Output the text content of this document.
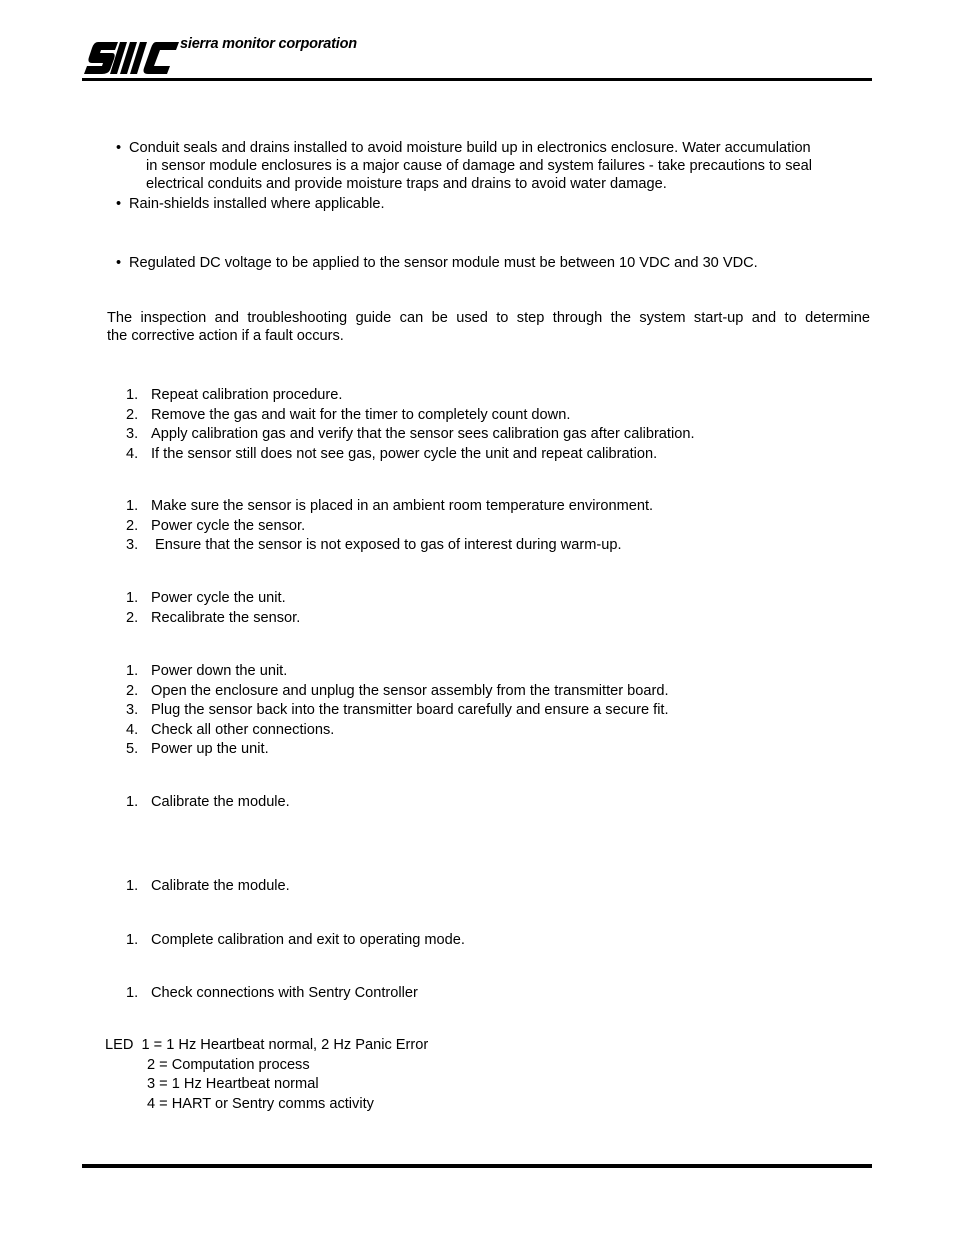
sierra monitor corporation
• Conduit seals and drains installed to avoid moisture build up in electronics enclosure. Water accumulation
in sensor module enclosures is a major cause of damage and system failures - take precautions to seal
electrical conduits and provide moisture traps and drains to avoid water damage.
• Rain-shields installed where applicable.
• Regulated DC voltage to be applied to the sensor module must be between 10 VDC and 30 VDC.
The inspection and troubleshooting guide can be used to step through the system start-up and to determine
the corrective action if a fault occurs.
1. Repeat calibration procedure.
2. Remove the gas and wait for the timer to completely count down.
3. Apply calibration gas and verify that the sensor sees calibration gas after calibration.
4. If the sensor still does not see gas, power cycle the unit and repeat calibration.
1. Make sure the sensor is placed in an ambient room temperature environment.
2. Power cycle the sensor.
3. Ensure that the sensor is not exposed to gas of interest during warm-up.
1. Power cycle the unit.
2. Recalibrate the sensor.
1. Power down the unit.
2. Open the enclosure and unplug the sensor assembly from the transmitter board.
3. Plug the sensor back into the transmitter board carefully and ensure a secure fit.
4. Check all other connections.
5. Power up the unit.
1. Calibrate the module.
1. Calibrate the module.
1. Complete calibration and exit to operating mode.
1. Check connections with Sentry Controller
LED 1 = 1 Hz Heartbeat normal, 2 Hz Panic Error
2 = Computation process
3 = 1 Hz Heartbeat normal
4 = HART or Sentry comms activity
